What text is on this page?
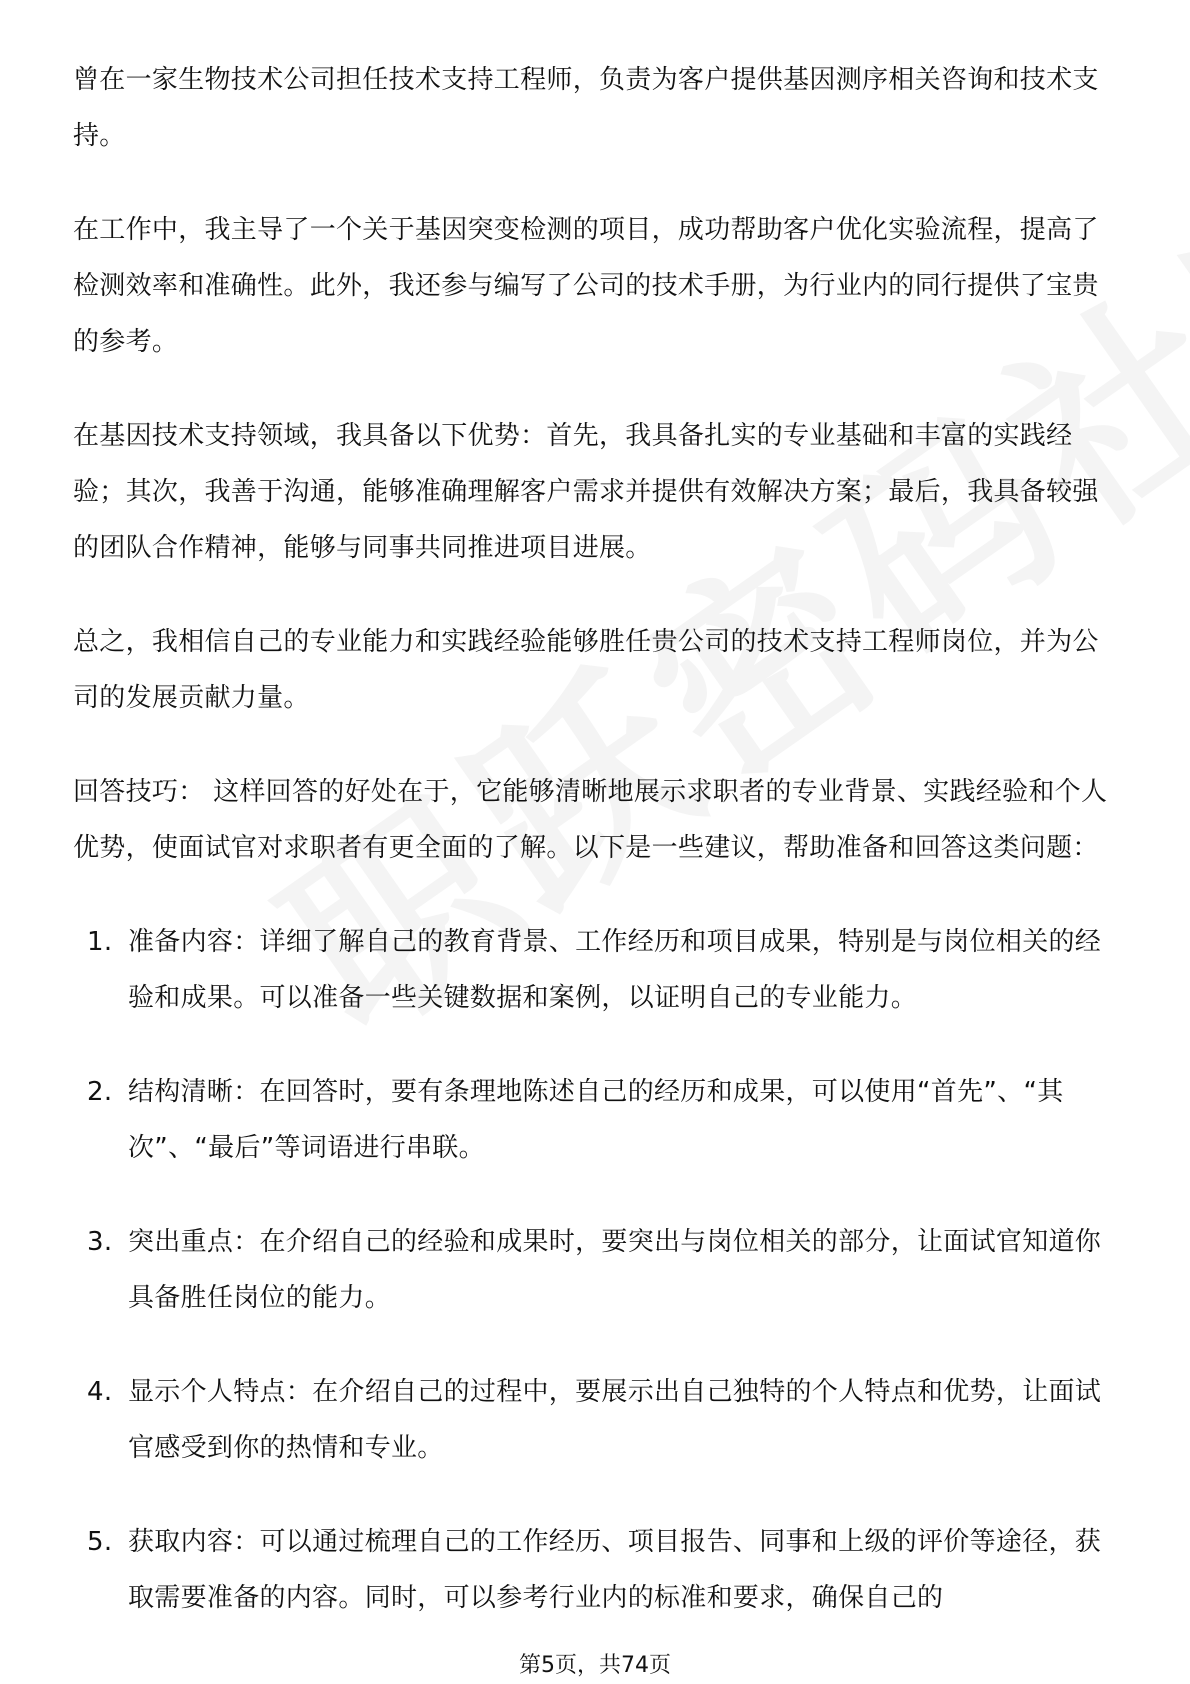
曾在一家生物技术公司担任技术支持工程师，负责为客户提供基因测序相关咨询和技术支持。

在工作中，我主导了一个关于基因突变检测的项目，成功帮助客户优化实验流程，提高了检测效率和准确性。此外，我还参与编写了公司的技术手册，为行业内的同行提供了宝贵的参考。

在基因技术支持领域，我具备以下优势：首先，我具备扎实的专业基础和丰富的实践经验；其次，我善于沟通，能够准确理解客户需求并提供有效解决方案；最后，我具备较强的团队合作精神，能够与同事共同推进项目进展。

总之，我相信自己的专业能力和实践经验能够胜任贵公司的技术支持工程师岗位，并为公司的发展贡献力量。

回答技巧： 这样回答的好处在于，它能够清晰地展示求职者的专业背景、实践经验和个人优势，使面试官对求职者有更全面的了解。以下是一些建议，帮助准备和回答这类问题：

1. 准备内容：详细了解自己的教育背景、工作经历和项目成果，特别是与岗位相关的经验和成果。可以准备一些关键数据和案例，以证明自己的专业能力。
2. 结构清晰：在回答时，要有条理地陈述自己的经历和成果，可以使用“首先”、“其次”、“最后”等词语进行串联。
3. 突出重点：在介绍自己的经验和成果时，要突出与岗位相关的部分，让面试官知道你具备胜任岗位的能力。
4. 显示个人特点：在介绍自己的过程中，要展示出自己独特的个人特点和优势，让面试官感受到你的热情和专业。
5. 获取内容：可以通过梳理自己的工作经历、项目报告、同事和上级的评价等途径，获取需要准备的内容。同时，可以参考行业内的标准和要求，确保自己的
第5页，共74页
